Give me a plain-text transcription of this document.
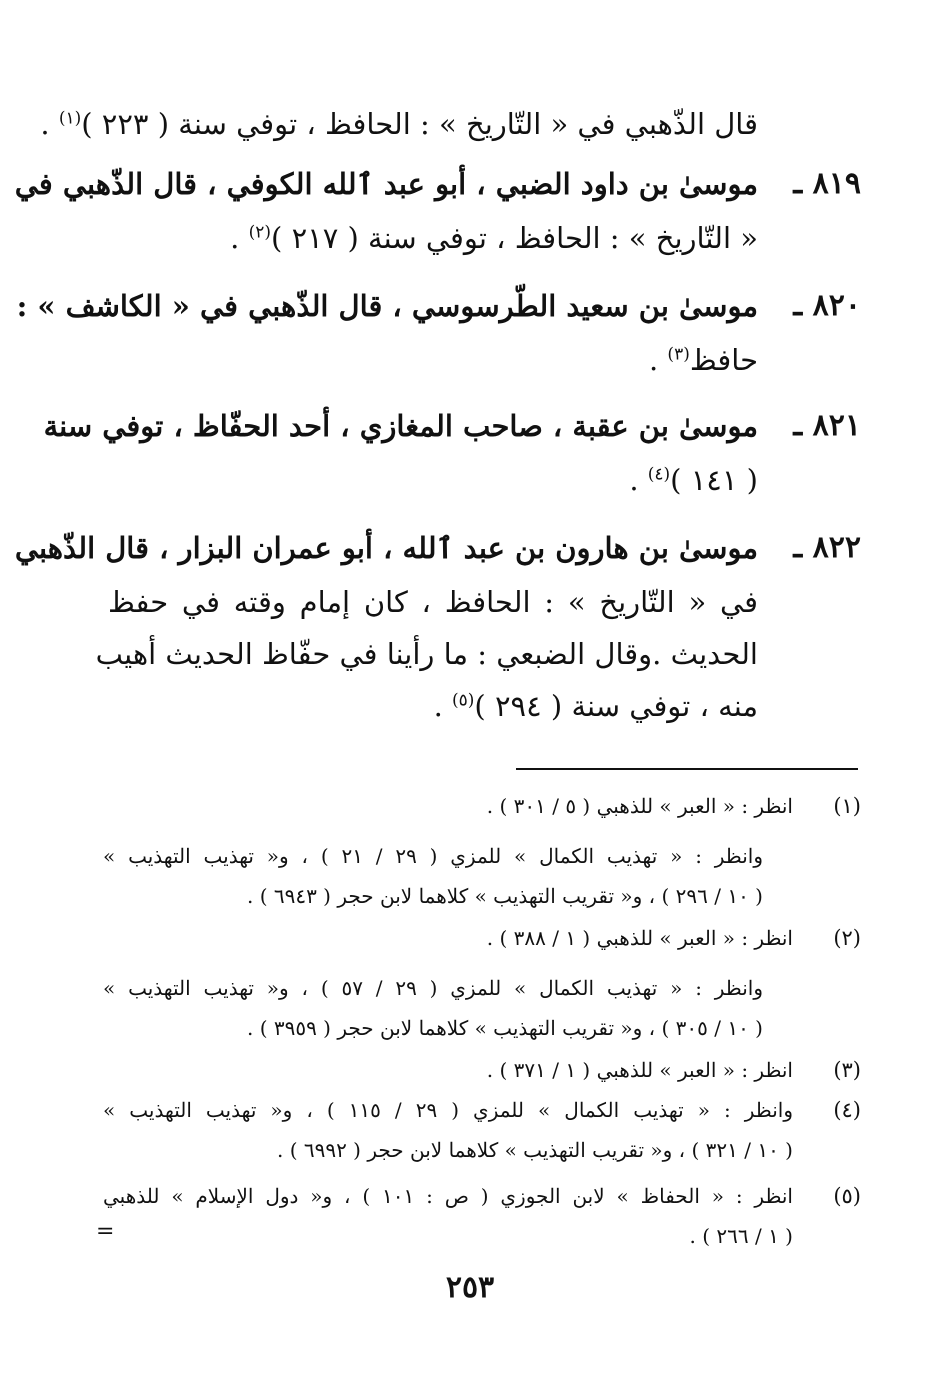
قال الذّهبي في « التّاريخ » : الحافظ ، توفي سنة ( ٢٢٣ )$^{(١)}$ .
٨١٩ ـ
موسىٰ بن داود الضبي ، أبو عبد ٱلله الكوفي ، قال الذّهبي في
« التّاريخ » : الحافظ ، توفي سنة ( ٢١٧ )$^{(٢)}$ .
٨٢٠ ـ
موسىٰ بن سعيد الطّرسوسي ، قال الذّهبي في « الكاشف » :
حافظ$^{(٣)}$ .
٨٢١ ـ
موسىٰ بن عقبة ، صاحب المغازي ، أحد الحفّاظ ، توفي سنة
( ١٤١ )$^{(٤)}$ .
٨٢٢ ـ
موسىٰ بن هارون بن عبد ٱلله ، أبو عمران البزار ، قال الذّهبي
في « التّاريخ » : الحافظ ، كان إمام وقته في حفظ
الحديث .وقال الضبعي : ما رأينا في حفّاظ الحديث أهيب
منه ، توفي سنة ( ٢٩٤ )$^{(٥)}$ .
(١)
انظر : « العبر » للذهبي ( ٥ / ٣٠١ ) .
وانظر : « تهذيب الكمال » للمزي ( ٢٩ / ٢١ ) ، و« تهذيب التهذيب »
( ١٠ / ٢٩٦ ) ، و« تقريب التهذيب » كلاهما لابن حجر ( ٦٩٤٣ ) .
(٢)
انظر : « العبر » للذهبي ( ١ / ٣٨٨ ) .
وانظر : « تهذيب الكمال » للمزي ( ٢٩ / ٥٧ ) ، و« تهذيب التهذيب »
( ١٠ / ٣٠٥ ) ، و« تقريب التهذيب » كلاهما لابن حجر ( ٣٩٥٩ ) .
(٣)
انظر : « العبر » للذهبي ( ١ / ٣٧١ ) .
(٤)
وانظر : « تهذيب الكمال » للمزي ( ٢٩ / ١١٥ ) ، و« تهذيب التهذيب »
( ١٠ / ٣٢١ ) ، و« تقريب التهذيب » كلاهما لابن حجر ( ٦٩٩٢ ) .
(٥)
انظر : « الحفاظ » لابن الجوزي ( ص : ١٠١ ) ، و« دول الإسلام » للذهبي
( ١ / ٢٦٦ ) .
=
٢٥٣
